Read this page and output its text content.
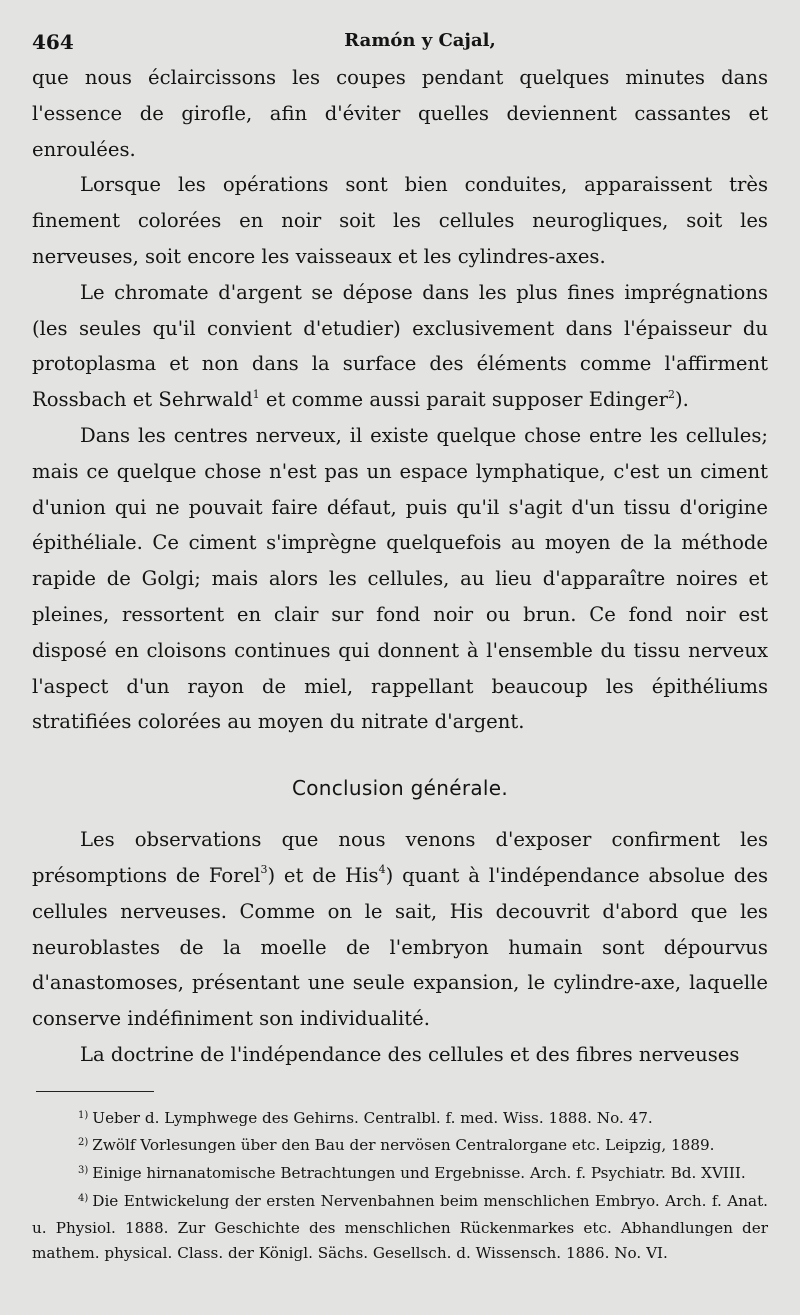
464	Ramón y Cajal,

que nous éclaircissons les coupes pendant quelques minutes dans l'essence de girofle, afin d'éviter quelles deviennent cassantes et enroulées.

Lorsque les opérations sont bien conduites, apparaissent très finement colorées en noir soit les cellules neurogliques, soit les nerveuses, soit encore les vaisseaux et les cylindres-axes.

Le chromate d'argent se dépose dans les plus fines imprégnations (les seules qu'il convient d'etudier) exclusivement dans l'épaisseur du protoplasma et non dans la surface des éléments comme l'affirment Rossbach et Sehrwald$^1$ et comme aussi parait supposer Edinger$^2$).

Dans les centres nerveux, il existe quelque chose entre les cellules; mais ce quelque chose n'est pas un espace lymphatique, c'est un ciment d'union qui ne pouvait faire défaut, puis qu'il s'agit d'un tissu d'origine épithéliale. Ce ciment s'imprègne quelquefois au moyen de la méthode rapide de Golgi; mais alors les cellules, au lieu d'apparaître noires et pleines, ressortent en clair sur fond noir ou brun. Ce fond noir est disposé en cloisons continues qui donnent à l'ensemble du tissu nerveux l'aspect d'un rayon de miel, rappellant beaucoup les épithéliums stratifiées colorées au moyen du nitrate d'argent.

Conclusion générale.

Les observations que nous venons d'exposer confirment les présomptions de Forel$^3$) et de His$^4$) quant à l'indépendance absolue des cellules nerveuses. Comme on le sait, His decouvrit d'abord que les neuroblastes de la moelle de l'embryon humain sont dépourvus d'anastomoses, présentant une seule expansion, le cylindre-axe, laquelle conserve indéfiniment son individualité.

La doctrine de l'indépendance des cellules et des fibres nerveuses

$^{1)}$ Ueber d. Lymphwege des Gehirns. Centralbl. f. med. Wiss. 1888. No. 47.
$^{2)}$ Zwölf Vorlesungen über den Bau der nervösen Centralorgane etc. Leipzig, 1889.
$^{3)}$ Einige hirnanatomische Betrachtungen und Ergebnisse. Arch. f. Psychiatr. Bd. XVIII.
$^{4)}$ Die Entwickelung der ersten Nervenbahnen beim menschlichen Embryo. Arch. f. Anat. u. Physiol. 1888. Zur Geschichte des menschlichen Rückenmarkes etc. Abhandlungen der mathem. physical. Class. der Königl. Sächs. Gesellsch. d. Wissensch. 1886. No. VI.
